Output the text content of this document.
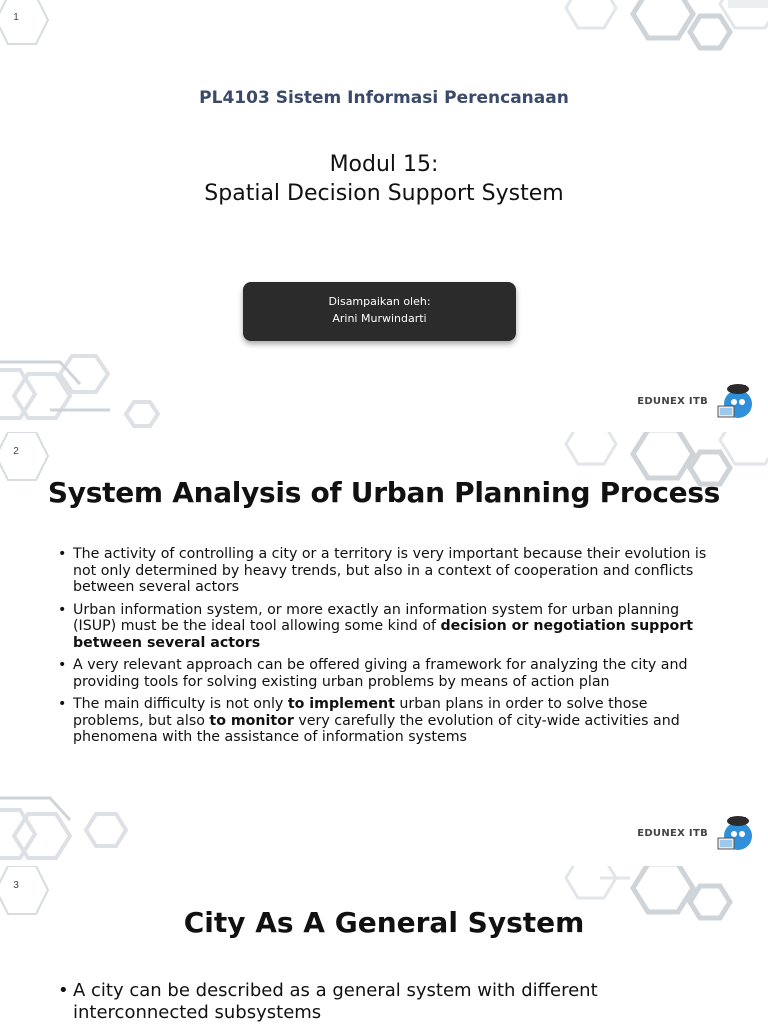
1
PL4103 Sistem Informasi Perencanaan
Modul 15:
Spatial Decision Support System
Disampaikan oleh:
Arini Murwindarti
EDUNEX ITB
2
System Analysis of Urban Planning Process
• The activity of controlling a city or a territory is very important because their evolution is not only determined by heavy trends, but also in a context of cooperation and conflicts between several actors
• Urban information system, or more exactly an information system for urban planning (ISUP) must be the ideal tool allowing some kind of decision or negotiation support between several actors
• A very relevant approach can be offered giving a framework for analyzing the city and providing tools for solving existing urban problems by means of action plan
• The main difficulty is not only to implement urban plans in order to solve those problems, but also to monitor very carefully the evolution of city-wide activities and phenomena with the assistance of information systems
EDUNEX ITB
3
City As A General System
• A city can be described as a general system with different interconnected subsystems
